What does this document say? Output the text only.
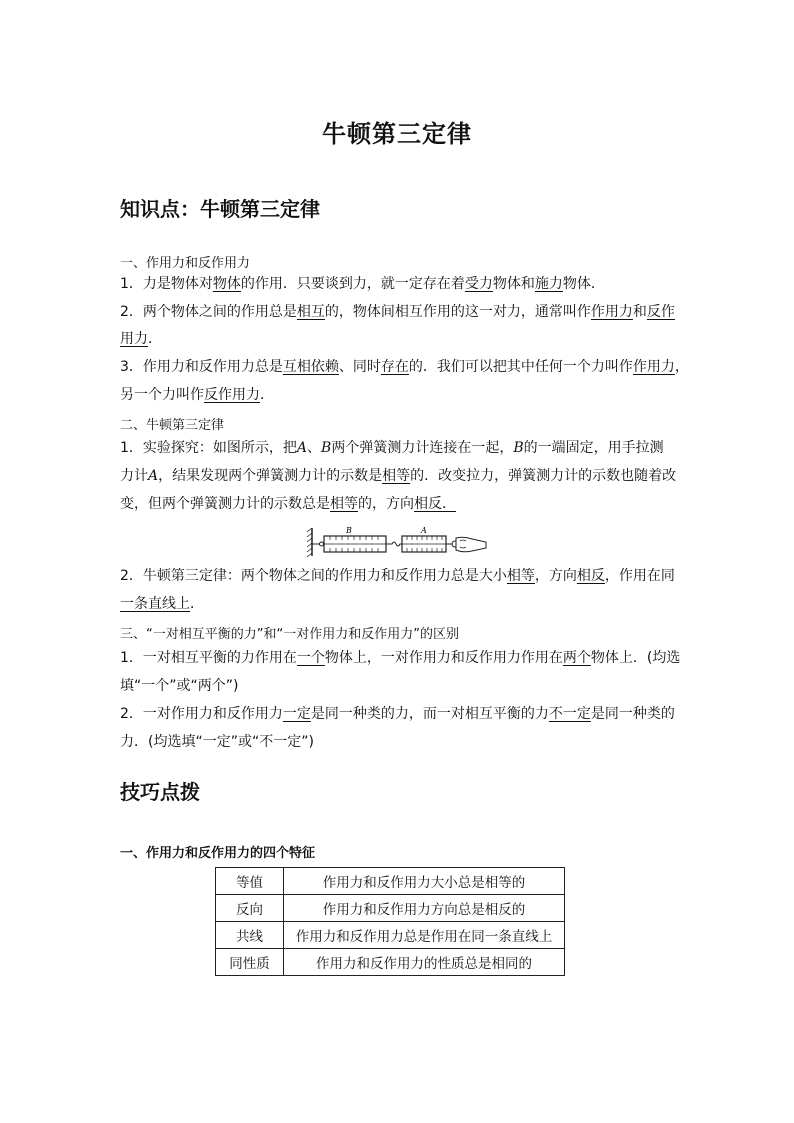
牛顿第三定律
知识点：牛顿第三定律
一、作用力和反作用力
1．力是物体对物体的作用．只要谈到力，就一定存在着受力物体和施力物体．
2．两个物体之间的作用总是相互的，物体间相互作用的这一对力，通常叫作作用力和反作
用力．
3．作用力和反作用力总是互相依赖、同时存在的．我们可以把其中任何一个力叫作作用力，
另一个力叫作反作用力．
二、牛顿第三定律
1．实验探究：如图所示，把A、B两个弹簧测力计连接在一起，B的一端固定，用手拉测
力计A，结果发现两个弹簧测力计的示数是相等的．改变拉力，弹簧测力计的示数也随着改
变，但两个弹簧测力计的示数总是相等的，方向相反．
B	A
2．牛顿第三定律：两个物体之间的作用力和反作用力总是大小相等，方向相反，作用在同
一条直线上．
三、“一对相互平衡的力”和“一对作用力和反作用力”的区别
1．一对相互平衡的力作用在一个物体上，一对作用力和反作用力作用在两个物体上．(均选
填“一个”或“两个”)
2．一对作用力和反作用力一定是同一种类的力，而一对相互平衡的力不一定是同一种类的
力．(均选填“一定”或“不一定”)
技巧点拨
一、作用力和反作用力的四个特征
等值	作用力和反作用力大小总是相等的
反向	作用力和反作用力方向总是相反的
共线	作用力和反作用力总是作用在同一条直线上
同性质	作用力和反作用力的性质总是相同的
